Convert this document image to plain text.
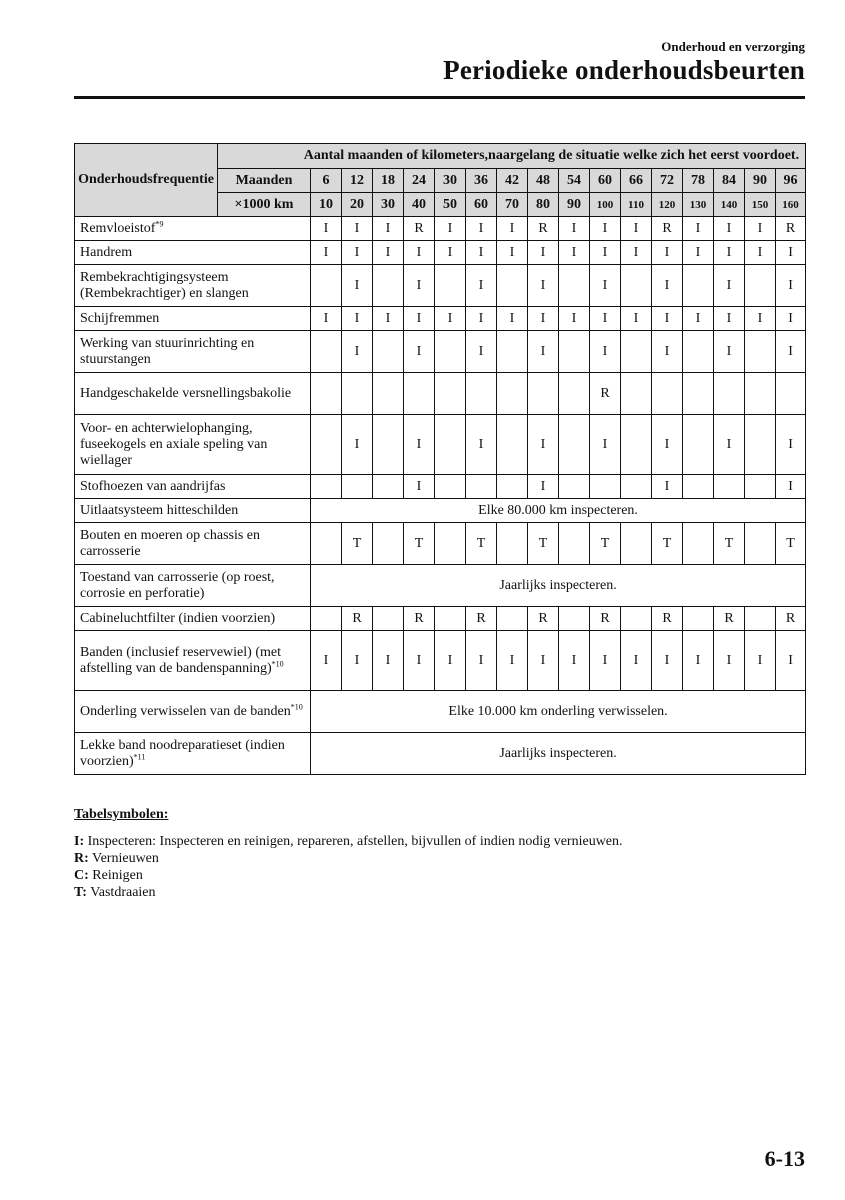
Onderhoud en verzorging
Periodieke onderhoudsbeurten
Onderhoudsfrequentie	Aantal maanden of kilometers,naargelang de situatie welke zich het eerst voordoet.																
	Maanden	6	12	18	24	30	36	42	48	54	60	66	72	78	84	90	96
	×1000 km	10	20	30	40	50	60	70	80	90	100	110	120	130	140	150	160
Remvloeistof$^{*9}$		I	I	I	R	I	I	I	R	I	I	I	R	I	I	I	R
Handrem		I	I	I	I	I	I	I	I	I	I	I	I	I	I	I	I
Rembekrachtigingsysteem (Rembekrachtiger) en slangen			I		I		I		I		I		I		I		I
Schijfremmen		I	I	I	I	I	I	I	I	I	I	I	I	I	I	I	I
Werking van stuurinrichting en stuurstangen			I		I		I		I		I		I		I		I
Handgeschakelde versnellingsbakolie											R						
Voor- en achterwielophanging, fuseekogels en axiale speling van wiellager			I		I		I		I		I		I		I		I
Stofhoezen van aandrijfas					I				I				I				I
Uitlaatsysteem hitteschilden		Elke 80.000 km inspecteren.															
Bouten en moeren op chassis en carrosserie			T		T		T		T		T		T		T		T
Toestand van carrosserie (op roest, corrosie en perforatie)		Jaarlijks inspecteren.															
Cabineluchtfilter (indien voorzien)			R		R		R		R		R		R		R		R
Banden (inclusief reservewiel) (met afstelling van de bandenspanning)$^{*10}$		I	I	I	I	I	I	I	I	I	I	I	I	I	I	I	I
Onderling verwisselen van de banden$^{*10}$		Elke 10.000 km onderling verwisselen.															
Lekke band noodreparatieset (indien voorzien)$^{*11}$		Jaarlijks inspecteren.															
Tabelsymbolen:
I: Inspecteren: Inspecteren en reinigen, repareren, afstellen, bijvullen of indien nodig vernieuwen.
R: Vernieuwen
C: Reinigen
T: Vastdraaien
6-13
